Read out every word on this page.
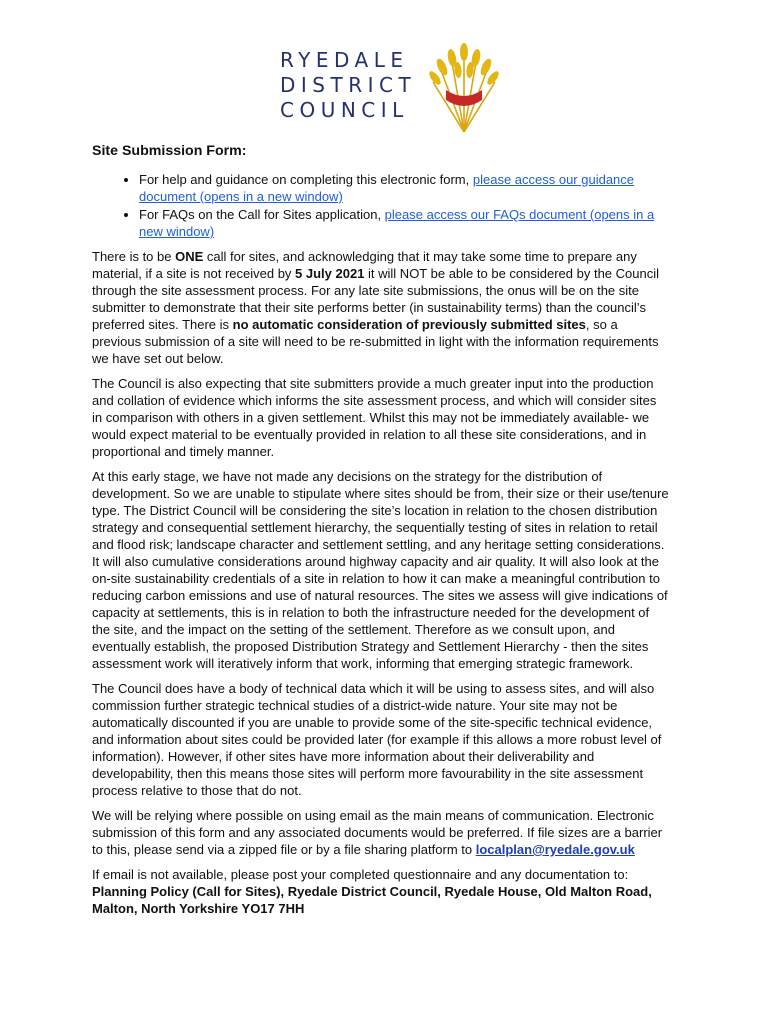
RYEDALE
DISTRICT
COUNCIL
Site Submission Form:
• For help and guidance on completing this electronic form, please access our guidance document (opens in a new window)
• For FAQs on the Call for Sites application, please access our FAQs document (opens in a new window)

There is to be ONE call for sites, and acknowledging that it may take some time to prepare any material, if a site is not received by 5 July 2021 it will NOT be able to be considered by the Council through the site assessment process. For any late site submissions, the onus will be on the site submitter to demonstrate that their site performs better (in sustainability terms) than the council’s preferred sites. There is no automatic consideration of previously submitted sites, so a previous submission of a site will need to be re-submitted in light with the information requirements we have set out below.

The Council is also expecting that site submitters provide a much greater input into the production and collation of evidence which informs the site assessment process, and which will consider sites in comparison with others in a given settlement. Whilst this may not be immediately available- we would expect material to be eventually provided in relation to all these site considerations, and in proportional and timely manner.

At this early stage, we have not made any decisions on the strategy for the distribution of development. So we are unable to stipulate where sites should be from, their size or their use/tenure type. The District Council will be considering the site’s location in relation to the chosen distribution strategy and consequential settlement hierarchy, the sequentially testing of sites in relation to retail and flood risk; landscape character and settlement settling, and any heritage setting considerations. It will also cumulative considerations around highway capacity and air quality. It will also look at the on-site sustainability credentials of a site in relation to how it can make a meaningful contribution to reducing carbon emissions and use of natural resources. The sites we assess will give indications of capacity at settlements, this is in relation to both the infrastructure needed for the development of the site, and the impact on the setting of the settlement. Therefore as we consult upon, and eventually establish, the proposed Distribution Strategy and Settlement Hierarchy - then the sites assessment work will iteratively inform that work, informing that emerging strategic framework.

The Council does have a body of technical data which it will be using to assess sites, and will also commission further strategic technical studies of a district-wide nature. Your site may not be automatically discounted if you are unable to provide some of the site-specific technical evidence, and information about sites could be provided later (for example if this allows a more robust level of information). However, if other sites have more information about their deliverability and developability, then this means those sites will perform more favourability in the site assessment process relative to those that do not.

We will be relying where possible on using email as the main means of communication. Electronic submission of this form and any associated documents would be preferred. If file sizes are a barrier to this, please send via a zipped file or by a file sharing platform to localplan@ryedale.gov.uk

If email is not available, please post your completed questionnaire and any documentation to: Planning Policy (Call for Sites), Ryedale District Council, Ryedale House, Old Malton Road, Malton, North Yorkshire YO17 7HH
